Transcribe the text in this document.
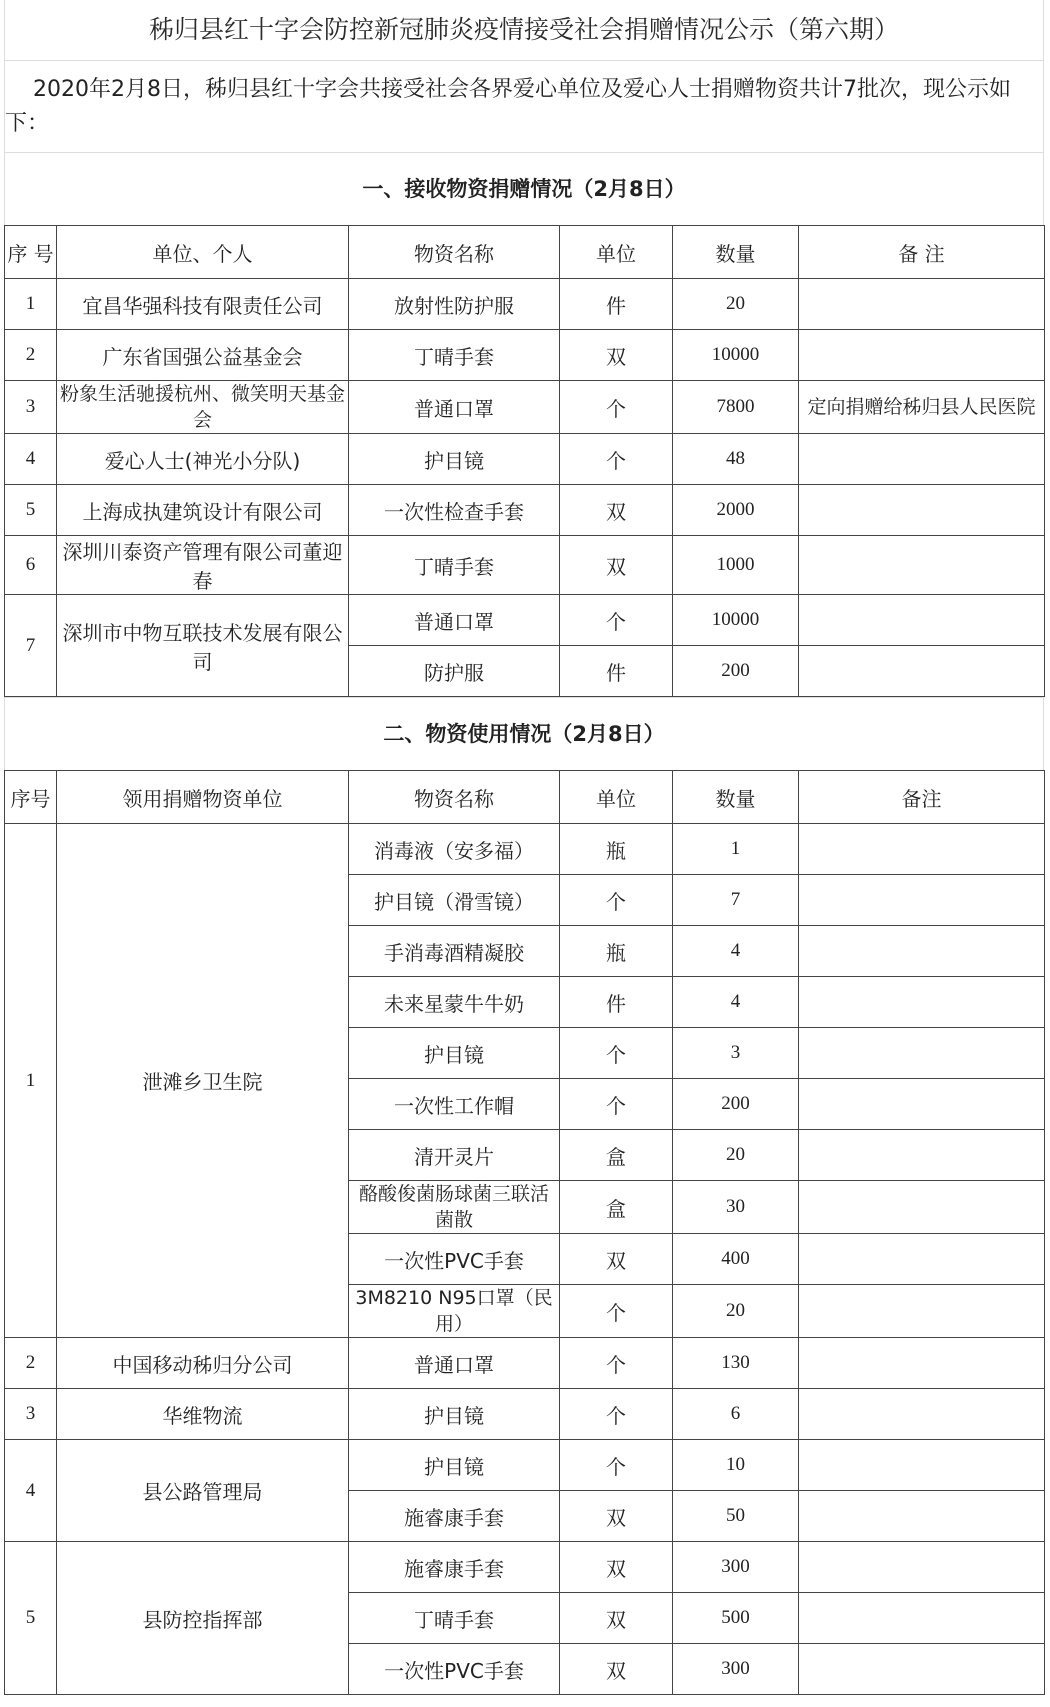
秭归县红十字会防控新冠肺炎疫情接受社会捐赠情况公示（第六期）
2020年2月8日，秭归县红十字会共接受社会各界爱心单位及爱心人士捐赠物资共计7批次，现公示如下：
一、接收物资捐赠情况（2月8日）
序 号	单位、个人	物资名称	单位	数量	备 注
1	宜昌华强科技有限责任公司	放射性防护服	件	20	
2	广东省国强公益基金会	丁晴手套	双	10000	
3	粉象生活驰援杭州、微笑明天基金会	普通口罩	个	7800	定向捐赠给秭归县人民医院
4	爱心人士(神光小分队)	护目镜	个	48	
5	上海成执建筑设计有限公司	一次性检查手套	双	2000	
6	深圳川泰资产管理有限公司董迎春	丁晴手套	双	1000	
7	深圳市中物互联技术发展有限公司	普通口罩	个	10000	
		防护服	件	200	
二、物资使用情况（2月8日）
序号	领用捐赠物资单位	物资名称	单位	数量	备注
1	泄滩乡卫生院	消毒液（安多福）	瓶	1	
		护目镜（滑雪镜）	个	7	
		手消毒酒精凝胶	瓶	4	
		未来星蒙牛牛奶	件	4	
		护目镜	个	3	
		一次性工作帽	个	200	
		清开灵片	盒	20	
		酪酸俊菌肠球菌三联活菌散	盒	30	
		一次性PVC手套	双	400	
		3M8210 N95口罩（民用）	个	20	
2	中国移动秭归分公司	普通口罩	个	130	
3	华维物流	护目镜	个	6	
4	县公路管理局	护目镜	个	10	
		施睿康手套	双	50	
5	县防控指挥部	施睿康手套	双	300	
		丁晴手套	双	500	
		一次性PVC手套	双	300	
